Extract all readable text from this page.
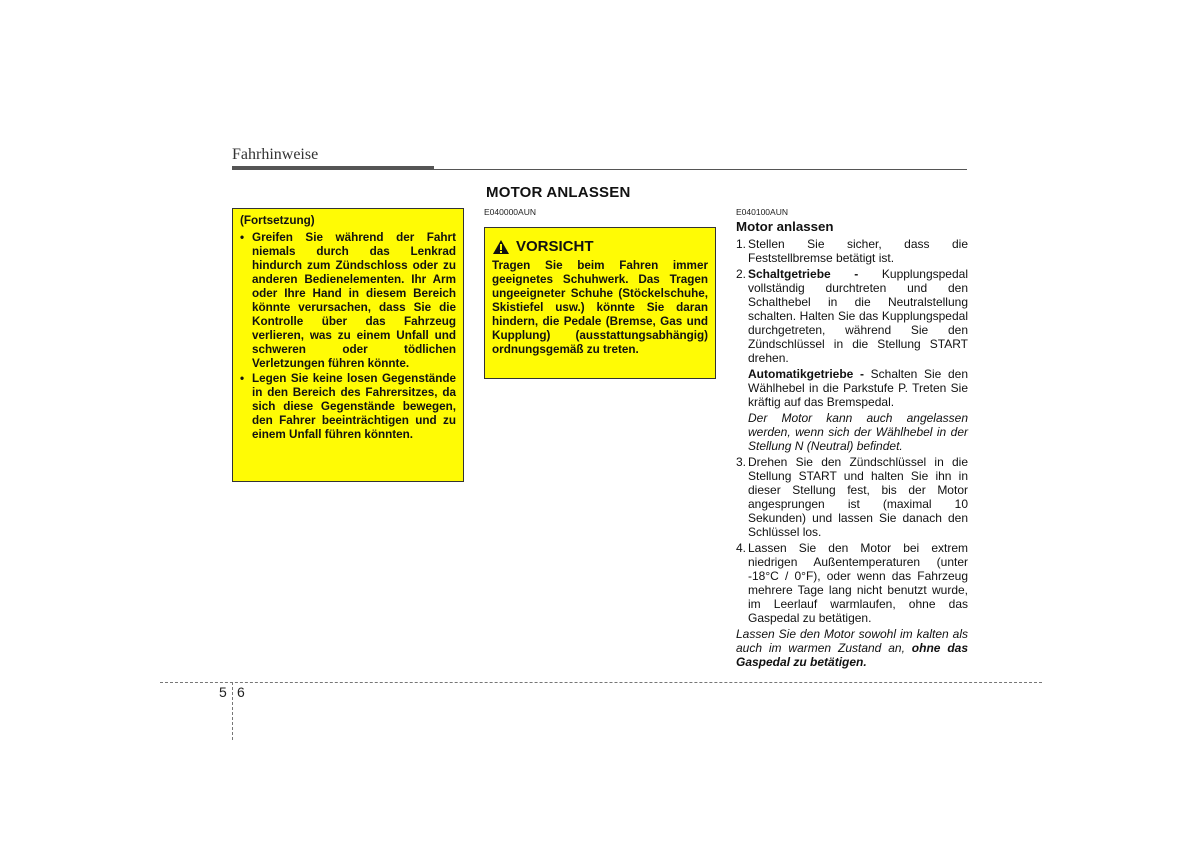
Fahrhinweise
(Fortsetzung)
• Greifen Sie während der Fahrt niemals durch das Lenkrad hindurch zum Zündschloss oder zu anderen Bedienelementen. Ihr Arm oder Ihre Hand in diesem Bereich könnte verursachen, dass Sie die Kontrolle über das Fahrzeug verlieren, was zu einem Unfall und schweren oder tödlichen Verletzungen führen könnte.
• Legen Sie keine losen Gegenstände in den Bereich des Fahrersitzes, da sich diese Gegenstände bewegen, den Fahrer beeinträchtigen und zu einem Unfall führen könnten.
MOTOR ANLASSEN
E040000AUN
VORSICHT

Tragen Sie beim Fahren immer geeignetes Schuhwerk. Das Tragen ungeeigneter Schuhe (Stöckelschuhe, Skistiefel usw.) könnte Sie daran hindern, die Pedale (Bremse, Gas und Kupplung) (ausstattungsabhängig) ordnungsgemäß zu treten.

E040100AUN
Motor anlassen
1. Stellen Sie sicher, dass die Feststellbremse betätigt ist.
2. Schaltgetriebe - Kupplungspedal vollständig durchtreten und den Schalthebel in die Neutralstellung schalten. Halten Sie das Kupplungspedal durchgetreten, während Sie den Zündschlüssel in die Stellung START drehen.

Automatikgetriebe - Schalten Sie den Wählhebel in die Parkstufe P. Treten Sie kräftig auf das Bremspedal.

Der Motor kann auch angelassen werden, wenn sich der Wählhebel in der Stellung N (Neutral) befindet.

3. Drehen Sie den Zündschlüssel in die Stellung START und halten Sie ihn in dieser Stellung fest, bis der Motor angesprungen ist (maximal 10 Sekunden) und lassen Sie danach den Schlüssel los.
4. Lassen Sie den Motor bei extrem niedrigen Außentemperaturen (unter -18°C / 0°F), oder wenn das Fahrzeug mehrere Tage lang nicht benutzt wurde, im Leerlauf warmlaufen, ohne das Gaspedal zu betätigen.

Lassen Sie den Motor sowohl im kalten als auch im warmen Zustand an, ohne das Gaspedal zu betätigen.

5 6
